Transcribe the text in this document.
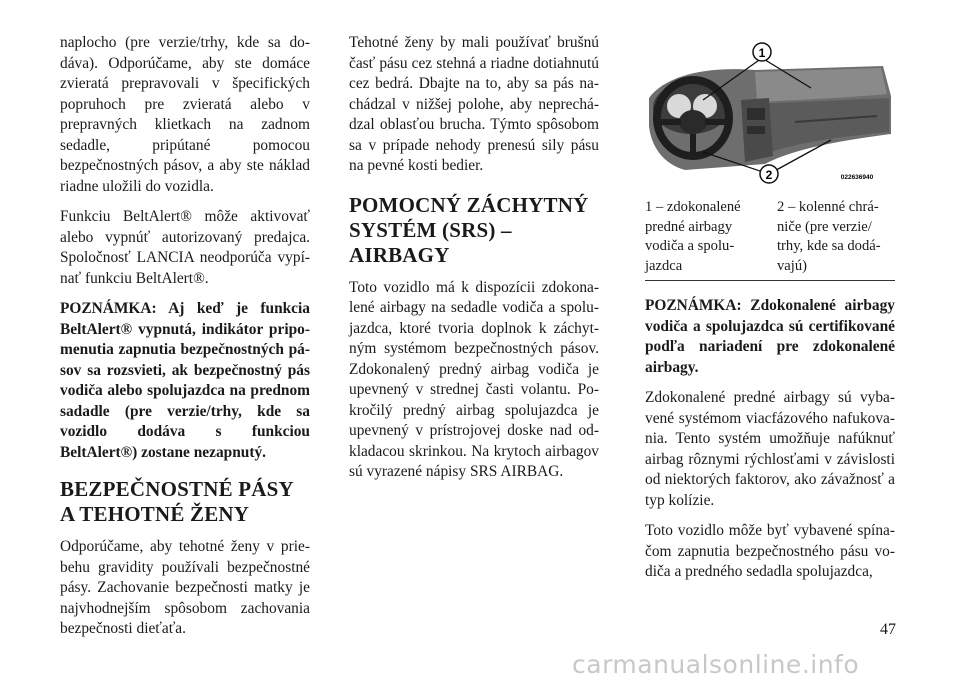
naplocho (pre verzie/trhy, kde sa dodáva). Odporúčame, aby ste domáce zvieratá prepravovali v špecifických popruhoch pre zvieratá alebo v prepravných klietkach na zadnom sedadle, pripútané pomocou bezpečnostných pásov, a aby ste náklad riadne uložili do vozidla.

Funkciu BeltAlert® môže aktivovať alebo vypnúť autorizovaný predajca. Spoločnosť LANCIA neodporúča vypínať funkciu BeltAlert®.

POZNÁMKA: Aj keď je funkcia BeltAlert® vypnutá, indikátor pripomenutia zapnutia bezpečnostných pásov sa rozsvieti, ak bezpečnostný pás vodiča alebo spolujazdca na prednom sadadle (pre verzie/trhy, kde sa vozidlo dodáva s funkciou BeltAlert®) zostane nezapnutý.

BEZPEČNOSTNÉ PÁSY A TEHOTNÉ ŽENY

Odporúčame, aby tehotné ženy v priebehu gravidity používali bezpečnostné pásy. Zachovanie bezpečnosti matky je najvhodnejším spôsobom zachovania bezpečnosti dieťaťa.

Tehotné ženy by mali používať brušnú časť pásu cez stehná a riadne dotiahnutú cez bedrá. Dbajte na to, aby sa pás nachádzal v nižšej polohe, aby neprechádzal oblasťou brucha. Týmto spôsobom sa v prípade nehody prenesú sily pásu na pevné kosti bedier.

POMOCNÝ ZÁCHYTNÝ SYSTÉM (SRS) – AIRBAGY

Toto vozidlo má k dispozícii zdokonalené airbagy na sedadle vodiča a spolujazdca, ktoré tvoria doplnok k záchytným systémom bezpečnostných pásov. Zdokonalený predný airbag vodiča je upevnený v strednej časti volantu. Pokročilý predný airbag spolujazdca je upevnený v prístrojovej doske nad odkladacou skrinkou. Na krytoch airbagov sú vyrazené nápisy SRS AIRBAG.

1
2	022636940
1 – zdokonalené predné airbagy vodiča a spolujazdca
2 – kolenné chrániče (pre verzie/ trhy, kde sa dodávajú)

POZNÁMKA: Zdokonalené airbagy vodiča a spolujazdca sú certifikované podľa nariadení pre zdokonalené airbagy.

Zdokonalené predné airbagy sú vybavené systémom viacfázového nafukovania. Tento systém umožňuje nafúknuť airbag rôznymi rýchlosťami v závislosti od niektorých faktorov, ako závažnosť a typ kolízie.

Toto vozidlo môže byť vybavené spínačom zapnutia bezpečnostného pásu vodiča a predného sedadla spolujazdca,

47
carmanualsonline.info
